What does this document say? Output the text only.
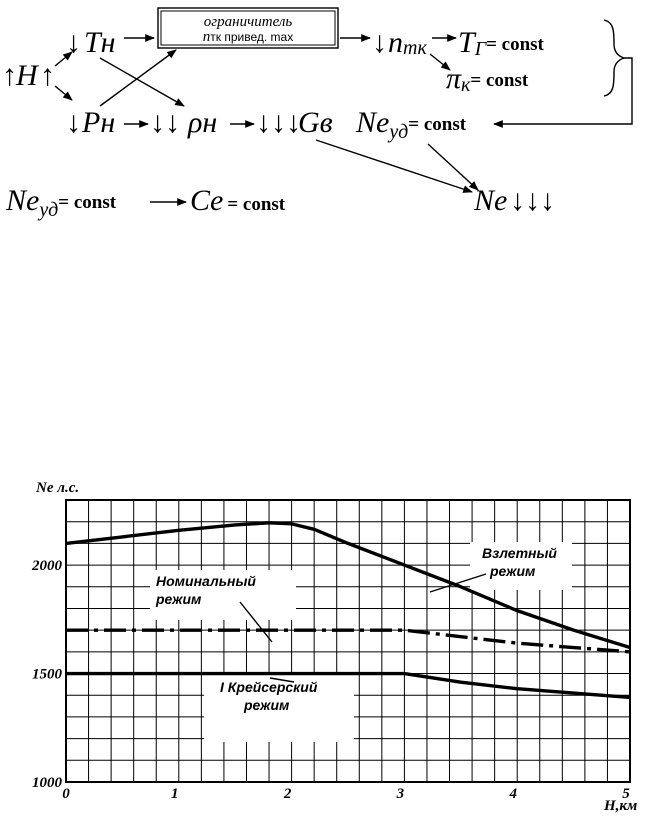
↑ H ↑
↓ Tн
ограничитель
nтк привед. max	↓ nтк TГ= const
πк= const
↓ Pн ↓↓ ρн ↓↓↓
Gв Neуд= const
Neуд= const Ce = const	Ne ↓↓↓
Взлетный
режим
Номинальный
режим
I Крейсерский
режим
0	1	2	3	4	5
1000
1500
2000
Ne л.с.
H,км
